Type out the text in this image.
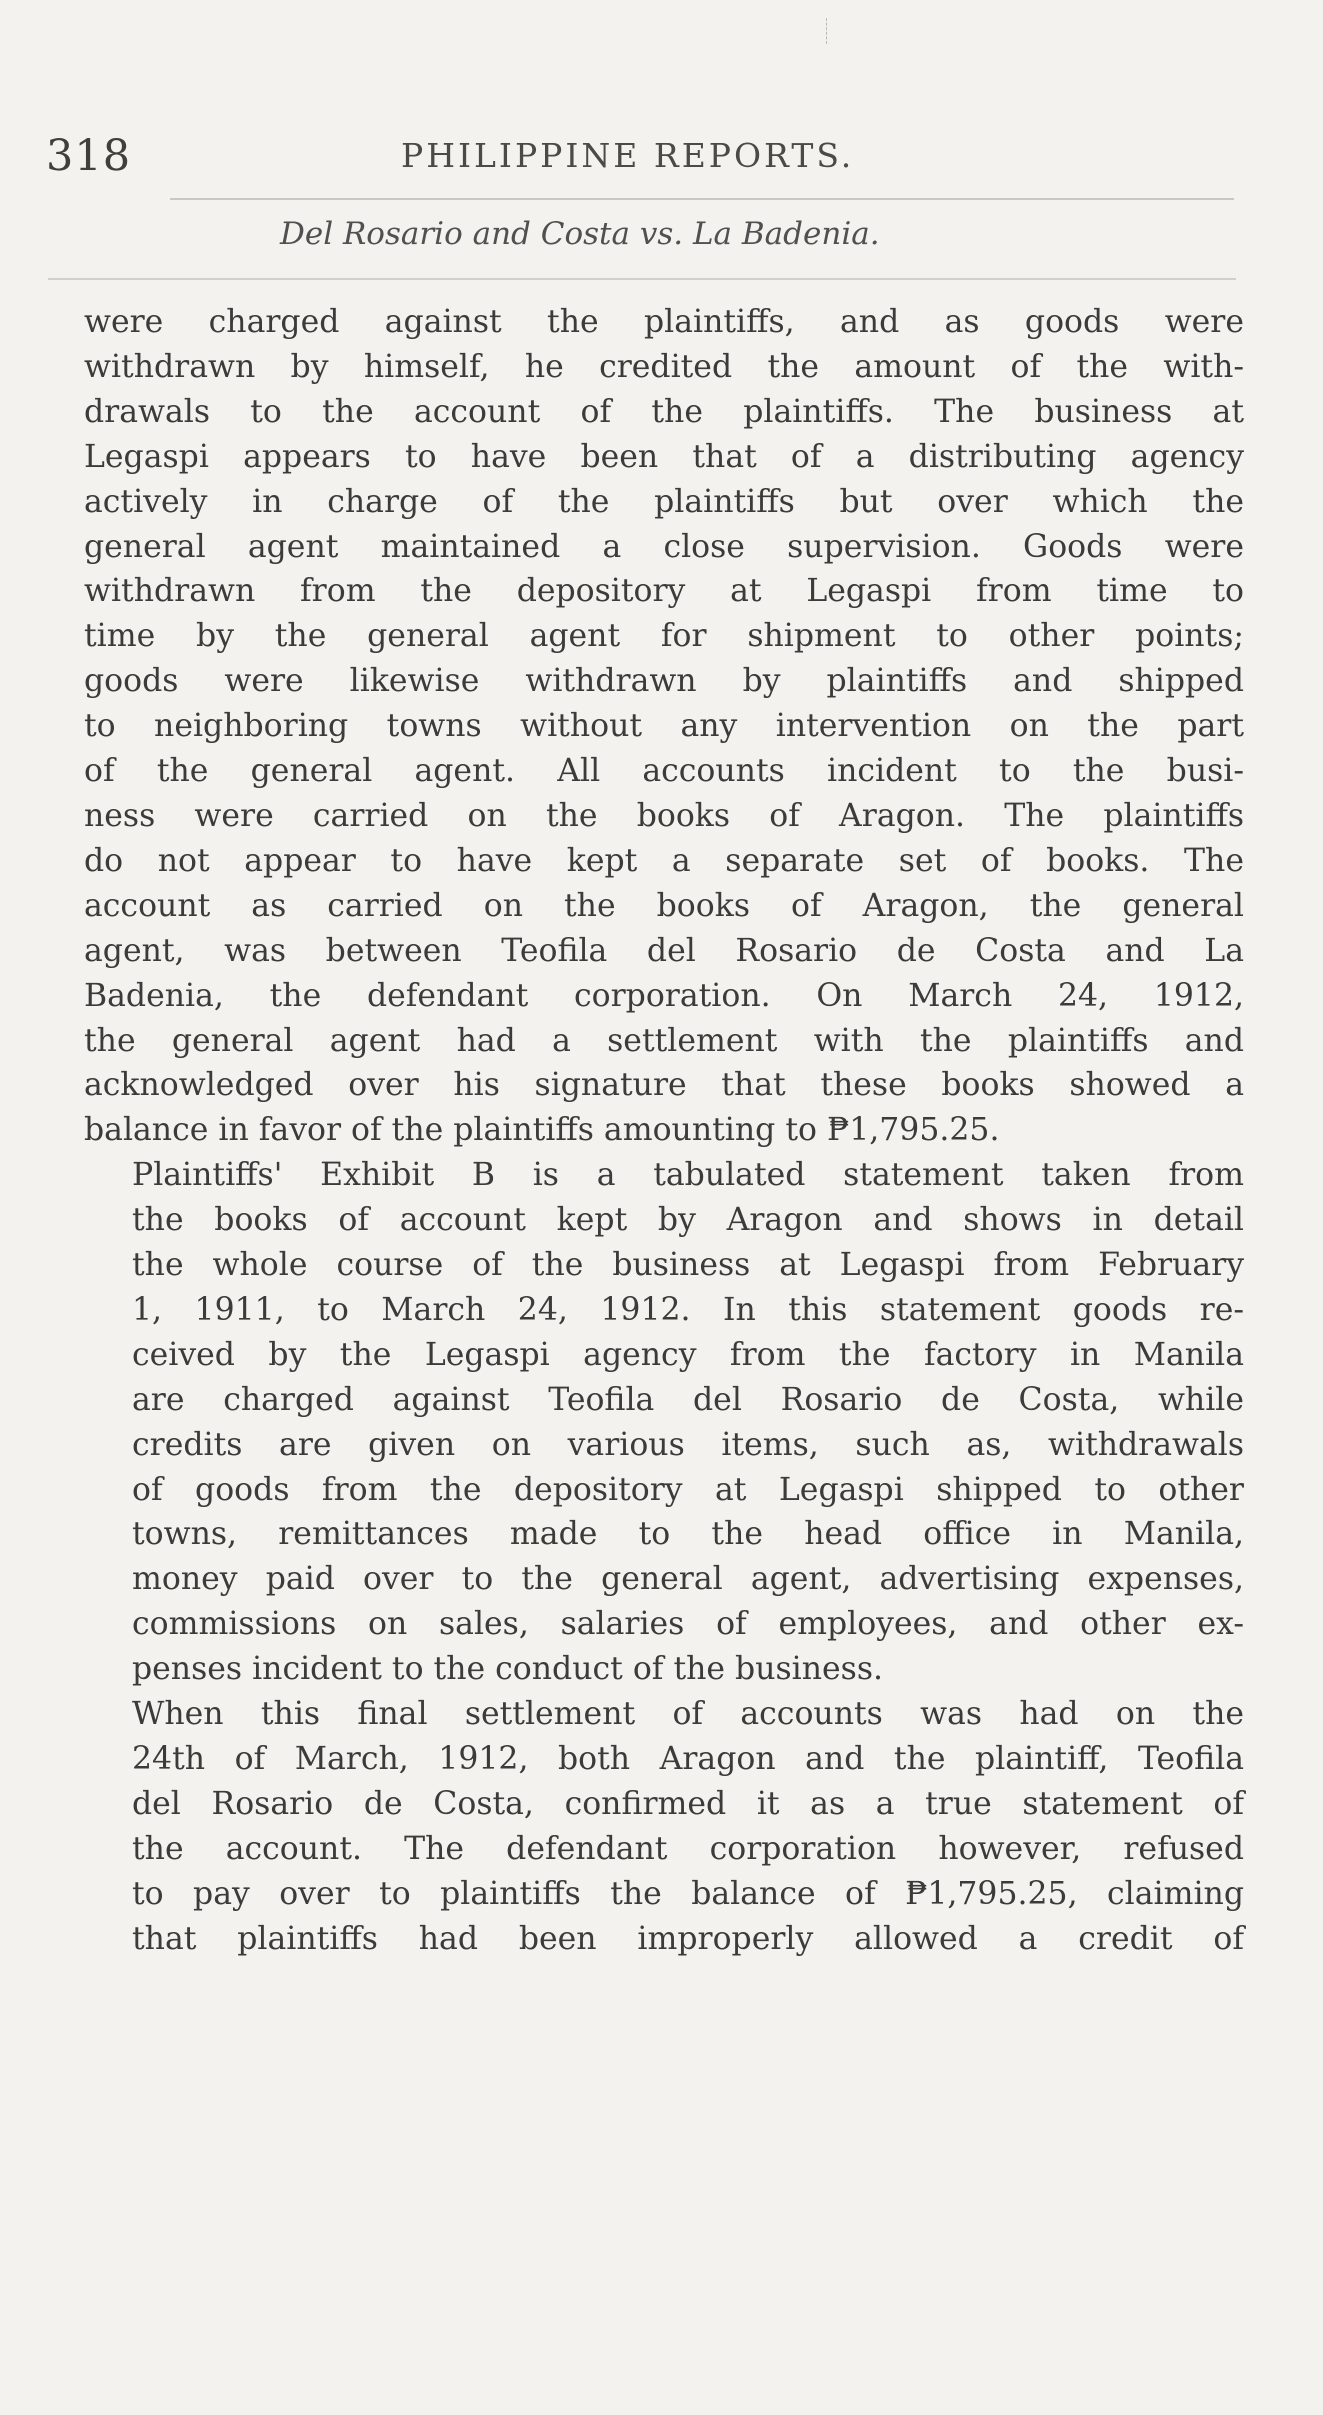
318	PHILIPPINE REPORTS.
Del Rosario and Costa vs. La Badenia.

were charged against the plaintiffs, and as goods were
withdrawn by himself, he credited the amount of the with-
drawals to the account of the plaintiffs. The business at
Legaspi appears to have been that of a distributing agency
actively in charge of the plaintiffs but over which the
general agent maintained a close supervision. Goods were
withdrawn from the depository at Legaspi from time to
time by the general agent for shipment to other points;
goods were likewise withdrawn by plaintiffs and shipped
to neighboring towns without any intervention on the part
of the general agent. All accounts incident to the busi-
ness were carried on the books of Aragon. The plaintiffs
do not appear to have kept a separate set of books. The
account as carried on the books of Aragon, the general
agent, was between Teofila del Rosario de Costa and La
Badenia, the defendant corporation. On March 24, 1912,
the general agent had a settlement with the plaintiffs and
acknowledged over his signature that these books showed a
balance in favor of the plaintiffs amounting to ₱1,795.25.

Plaintiffs' Exhibit B is a tabulated statement taken from
the books of account kept by Aragon and shows in detail
the whole course of the business at Legaspi from February
1, 1911, to March 24, 1912. In this statement goods re-
ceived by the Legaspi agency from the factory in Manila
are charged against Teofila del Rosario de Costa, while
credits are given on various items, such as, withdrawals
of goods from the depository at Legaspi shipped to other
towns, remittances made to the head office in Manila,
money paid over to the general agent, advertising expenses,
commissions on sales, salaries of employees, and other ex-
penses incident to the conduct of the business.

When this final settlement of accounts was had on the
24th of March, 1912, both Aragon and the plaintiff, Teofila
del Rosario de Costa, confirmed it as a true statement of
the account. The defendant corporation however, refused
to pay over to plaintiffs the balance of ₱1,795.25, claiming
that plaintiffs had been improperly allowed a credit of
